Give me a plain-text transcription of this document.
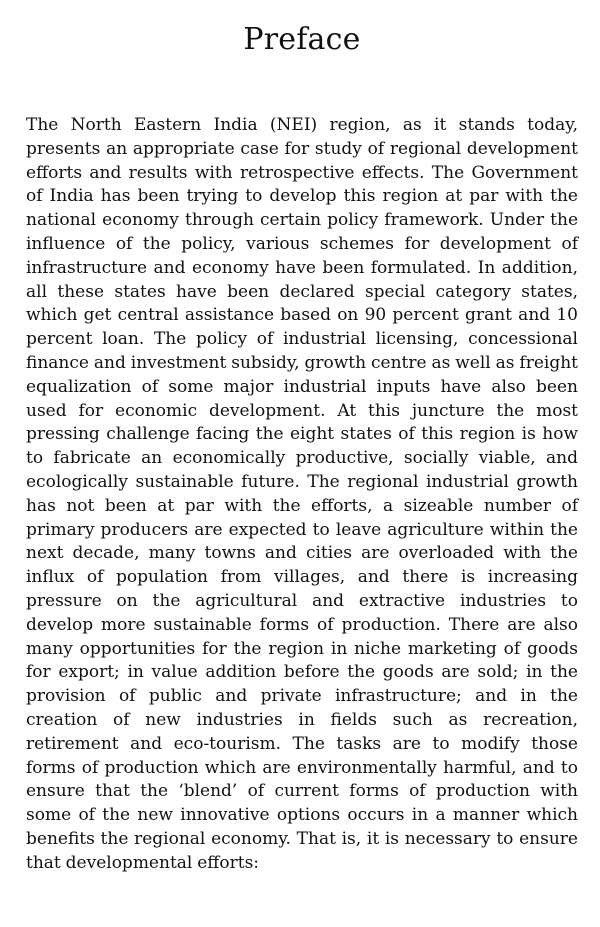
Preface

The North Eastern India (NEI) region, as it stands today, presents an appropriate case for study of regional development efforts and results with retrospective effects. The Government of India has been trying to develop this region at par with the national economy through certain policy framework. Under the influence of the policy, various schemes for development of infrastructure and economy have been formulated. In addition, all these states have been declared special category states, which get central assistance based on 90 percent grant and 10 percent loan. The policy of industrial licensing, concessional finance and investment subsidy, growth centre as well as freight equalization of some major industrial inputs have also been used for economic development. At this juncture the most pressing challenge facing the eight states of this region is how to fabricate an economically productive, socially viable, and ecologically sustainable future. The regional industrial growth has not been at par with the efforts, a sizeable number of primary producers are expected to leave agriculture within the next decade, many towns and cities are overloaded with the influx of population from villages, and there is increasing pressure on the agricultural and extractive industries to develop more sustainable forms of production. There are also many opportunities for the region in niche marketing of goods for export; in value addition before the goods are sold; in the provision of public and private infrastructure; and in the creation of new industries in fields such as recreation, retirement and eco-tourism. The tasks are to modify those forms of production which are environmentally harmful, and to ensure that the ‘blend’ of current forms of production with some of the new innovative options occurs in a manner which benefits the regional economy. That is, it is necessary to ensure that developmental efforts:
